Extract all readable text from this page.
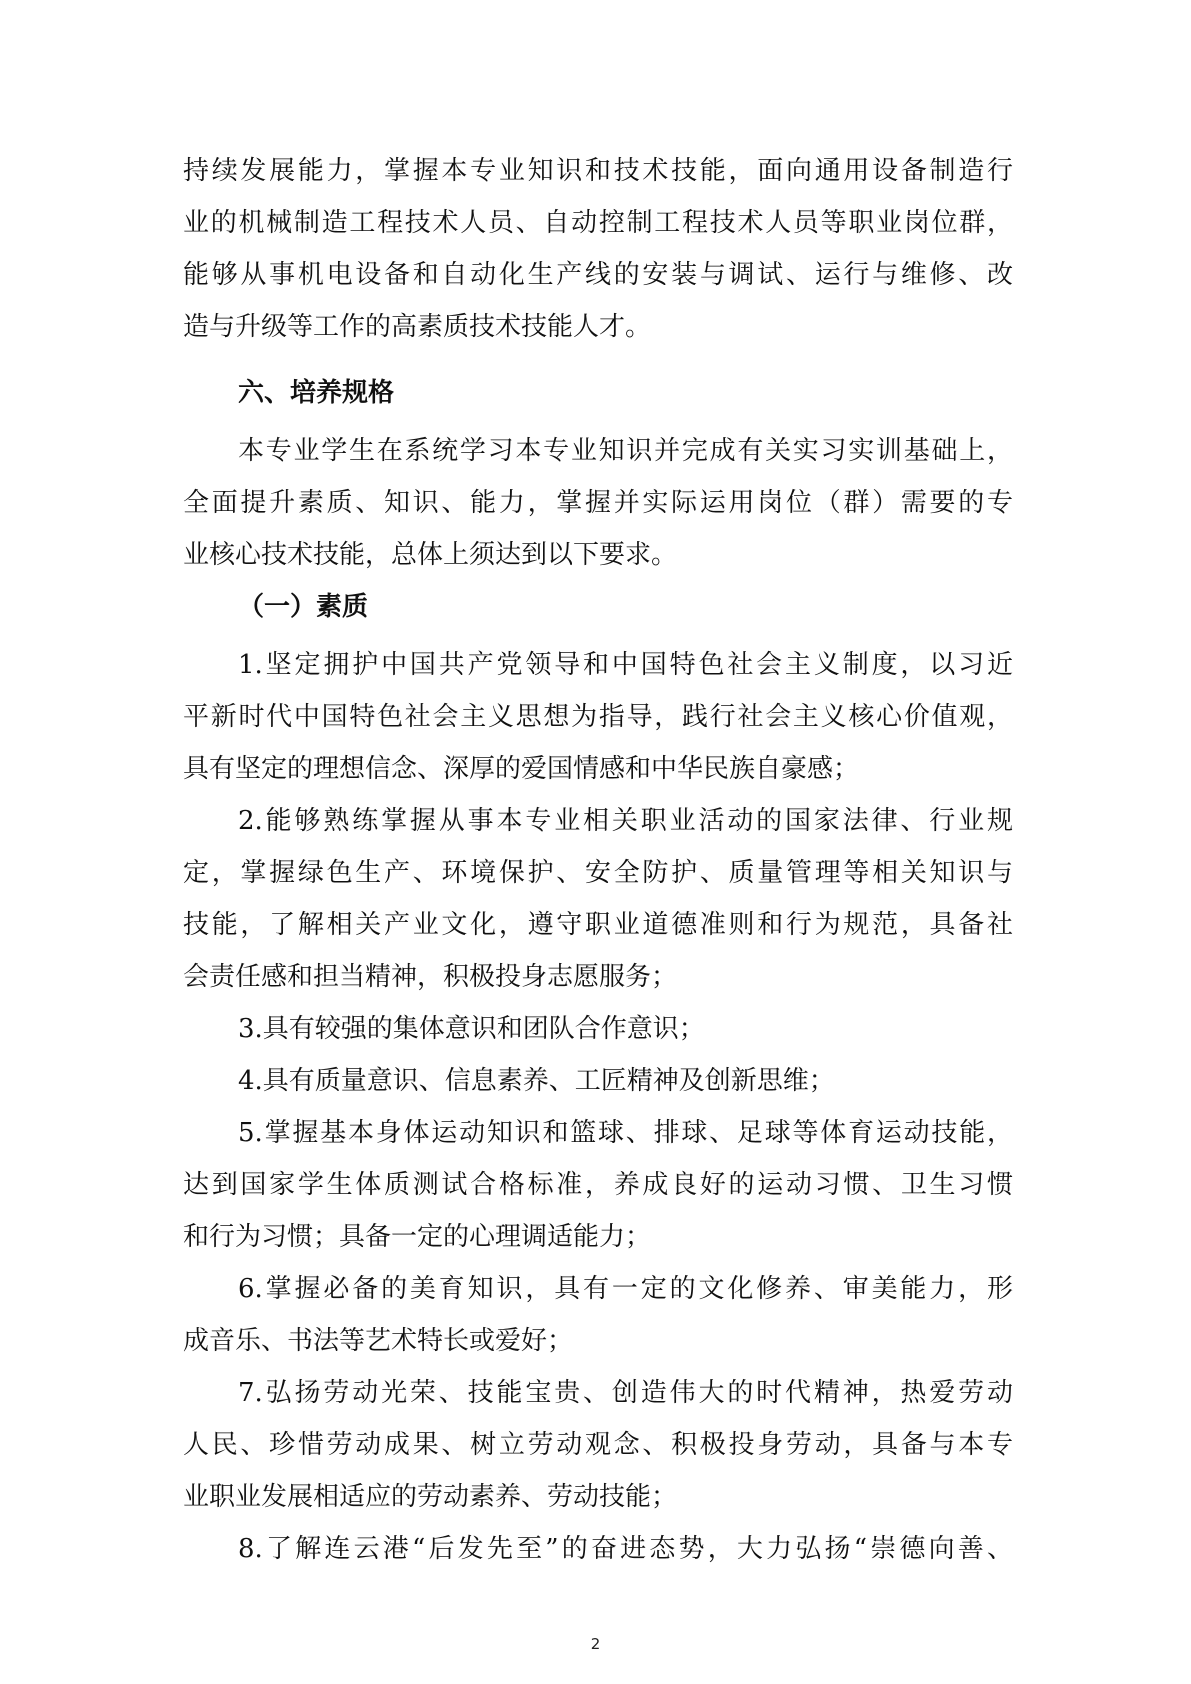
持续发展能力，掌握本专业知识和技术技能，面向通用设备制造行
业的机械制造工程技术人员、自动控制工程技术人员等职业岗位群，
能够从事机电设备和自动化生产线的安装与调试、运行与维修、改
造与升级等工作的高素质技术技能人才。
六、培养规格
本专业学生在系统学习本专业知识并完成有关实习实训基础上，
全面提升素质、知识、能力，掌握并实际运用岗位（群）需要的专
业核心技术技能，总体上须达到以下要求。
（一）素质
1.坚定拥护中国共产党领导和中国特色社会主义制度，以习近
平新时代中国特色社会主义思想为指导，践行社会主义核心价值观，
具有坚定的理想信念、深厚的爱国情感和中华民族自豪感；
2.能够熟练掌握从事本专业相关职业活动的国家法律、行业规
定，掌握绿色生产、环境保护、安全防护、质量管理等相关知识与
技能，了解相关产业文化，遵守职业道德准则和行为规范，具备社
会责任感和担当精神，积极投身志愿服务；
3.具有较强的集体意识和团队合作意识；
4.具有质量意识、信息素养、工匠精神及创新思维；
5.掌握基本身体运动知识和篮球、排球、足球等体育运动技能，
达到国家学生体质测试合格标准，养成良好的运动习惯、卫生习惯
和行为习惯；具备一定的心理调适能力；
6.掌握必备的美育知识，具有一定的文化修养、审美能力，形
成音乐、书法等艺术特长或爱好；
7.弘扬劳动光荣、技能宝贵、创造伟大的时代精神，热爱劳动
人民、珍惜劳动成果、树立劳动观念、积极投身劳动，具备与本专
业职业发展相适应的劳动素养、劳动技能；
8.了解连云港“后发先至”的奋进态势，大力弘扬“崇德向善、
2
